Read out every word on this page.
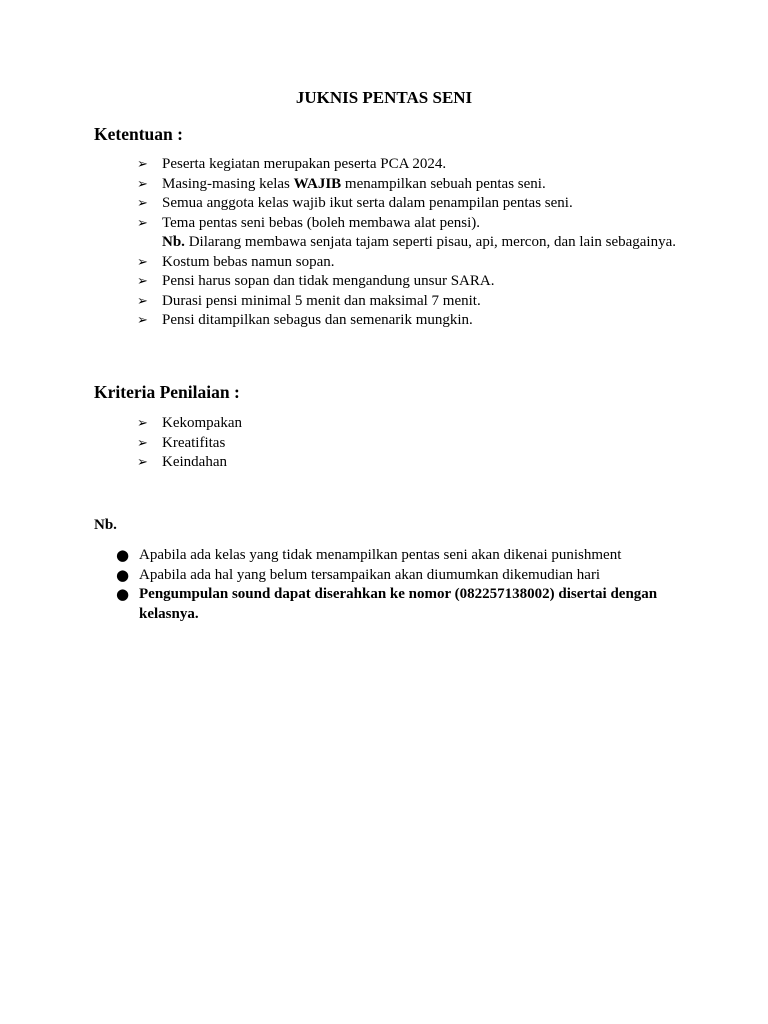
JUKNIS PENTAS SENI
Ketentuan :
➢ Peserta kegiatan merupakan peserta PCA 2024.
➢ Masing-masing kelas WAJIB menampilkan sebuah pentas seni.
➢ Semua anggota kelas wajib ikut serta dalam penampilan pentas seni.
➢ Tema pentas seni bebas (boleh membawa alat pensi).
Nb. Dilarang membawa senjata tajam seperti pisau, api, mercon, dan lain sebagainya.
➢ Kostum bebas namun sopan.
➢ Pensi harus sopan dan tidak mengandung unsur SARA.
➢ Durasi pensi minimal 5 menit dan maksimal 7 menit.
➢ Pensi ditampilkan sebagus dan semenarik mungkin.
Kriteria Penilaian :
➢ Kekompakan
➢ Kreatifitas
➢ Keindahan
Nb.
● Apabila ada kelas yang tidak menampilkan pentas seni akan dikenai punishment
● Apabila ada hal yang belum tersampaikan akan diumumkan dikemudian hari
● Pengumpulan sound dapat diserahkan ke nomor (082257138002) disertai dengan kelasnya.
